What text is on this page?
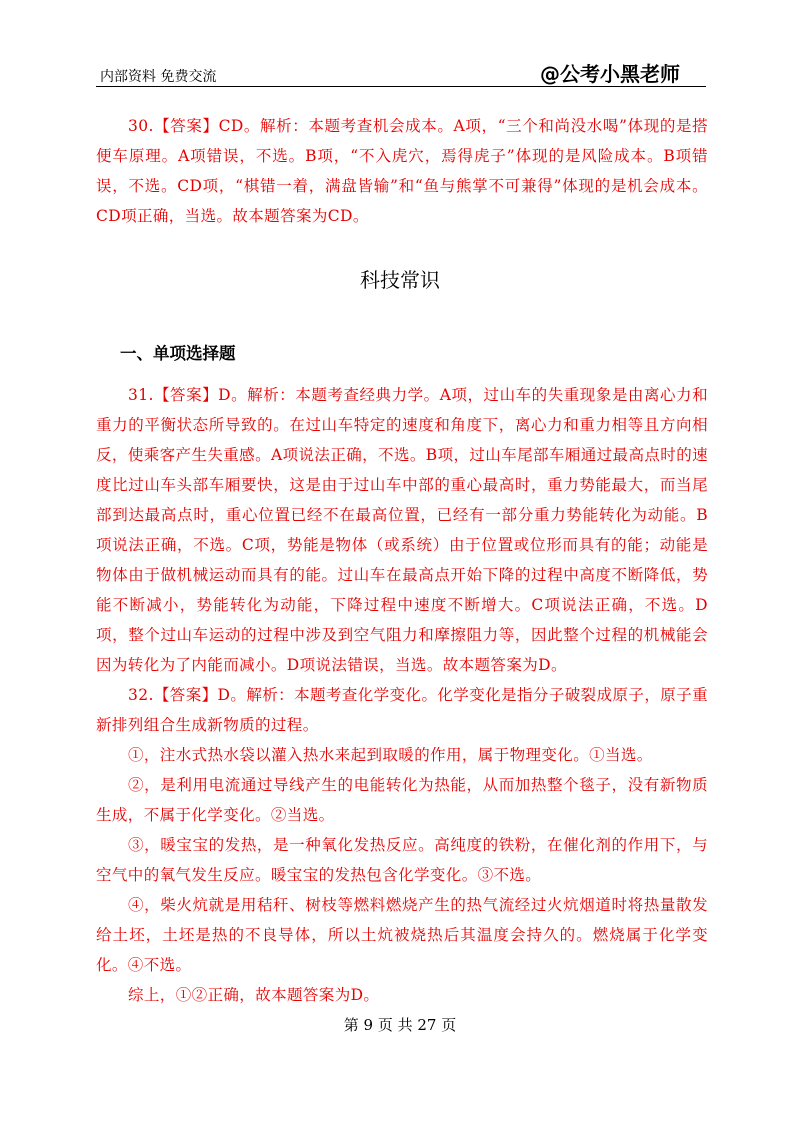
内部资料 免费交流	@公考小黑老师

30.【答案】CD。解析：本题考查机会成本。A项，“三个和尚没水喝”体现的是搭便车原理。A项错误，不选。B项，“不入虎穴，焉得虎子”体现的是风险成本。B项错误，不选。CD项，“棋错一着，满盘皆输”和“鱼与熊掌不可兼得”体现的是机会成本。CD项正确，当选。故本题答案为CD。

科技常识
一、单项选择题

31.【答案】D。解析：本题考查经典力学。A项，过山车的失重现象是由离心力和重力的平衡状态所导致的。在过山车特定的速度和角度下，离心力和重力相等且方向相反，使乘客产生失重感。A项说法正确，不选。B项，过山车尾部车厢通过最高点时的速度比过山车头部车厢要快，这是由于过山车中部的重心最高时，重力势能最大，而当尾部到达最高点时，重心位置已经不在最高位置，已经有一部分重力势能转化为动能。B项说法正确，不选。C项，势能是物体（或系统）由于位置或位形而具有的能；动能是物体由于做机械运动而具有的能。过山车在最高点开始下降的过程中高度不断降低，势能不断减小，势能转化为动能，下降过程中速度不断增大。C项说法正确，不选。D项，整个过山车运动的过程中涉及到空气阻力和摩擦阻力等，因此整个过程的机械能会因为转化为了内能而减小。D项说法错误，当选。故本题答案为D。

32.【答案】D。解析：本题考查化学变化。化学变化是指分子破裂成原子，原子重新排列组合生成新物质的过程。

①，注水式热水袋以灌入热水来起到取暖的作用，属于物理变化。①当选。

②，是利用电流通过导线产生的电能转化为热能，从而加热整个毯子，没有新物质生成，不属于化学变化。②当选。

③，暖宝宝的发热，是一种氧化发热反应。高纯度的铁粉，在催化剂的作用下，与空气中的氧气发生反应。暖宝宝的发热包含化学变化。③不选。

④，柴火炕就是用秸秆、树枝等燃料燃烧产生的热气流经过火炕烟道时将热量散发给土坯，土坯是热的不良导体，所以土炕被烧热后其温度会持久的。燃烧属于化学变化。④不选。

综上，①②正确，故本题答案为D。

第 9 页 共 27 页
